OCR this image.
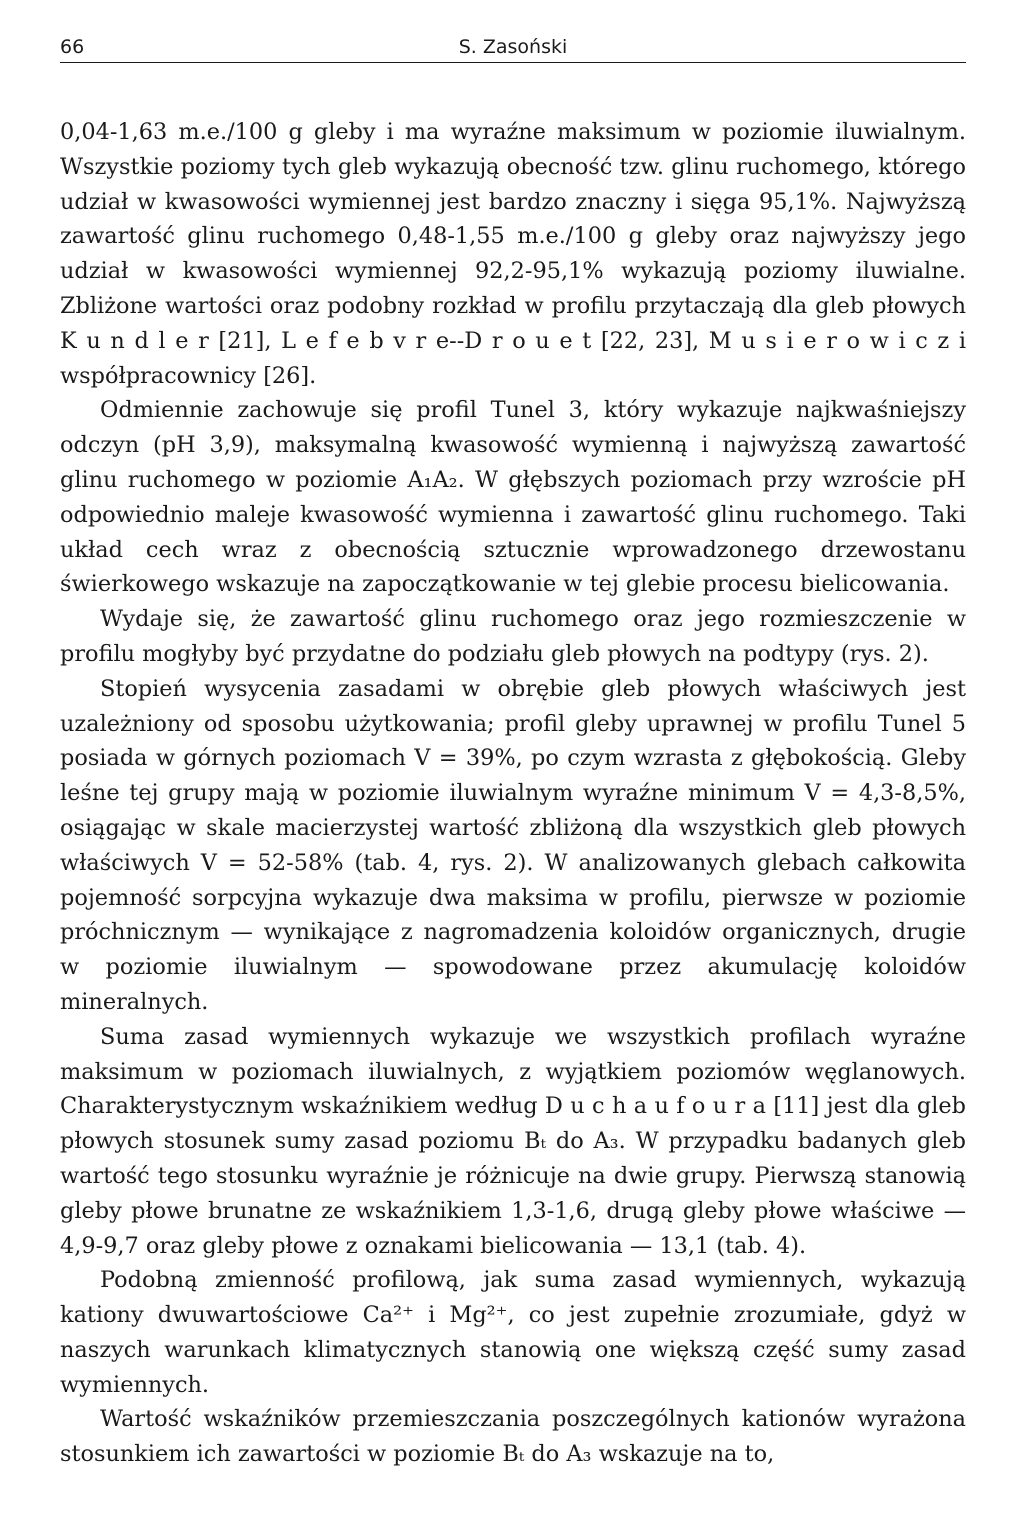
66	S. Zasoński

0,04-1,63 m.e./100 g gleby i ma wyraźne maksimum w poziomie iluwialnym. Wszystkie poziomy tych gleb wykazują obecność tzw. glinu ruchomego, którego udział w kwasowości wymiennej jest bardzo znaczny i sięga 95,1%. Najwyższą zawartość glinu ruchomego 0,48-1,55 m.e./100 g gleby oraz najwyższy jego udział w kwasowości wymiennej 92,2-95,1% wykazują poziomy iluwialne. Zbliżone wartości oraz podobny rozkład w profilu przytaczają dla gleb płowych K u n d l e r [21], L e f e b v r e-‑D r o u e t [22, 23], M u s i e r o w i c z i współpracownicy [26].

Odmiennie zachowuje się profil Tunel 3, który wykazuje najkwaśniejszy odczyn (pH 3,9), maksymalną kwasowość wymienną i najwyższą zawartość glinu ruchomego w poziomie A₁A₂. W głębszych poziomach przy wzroście pH odpowiednio maleje kwasowość wymienna i zawartość glinu ruchomego. Taki układ cech wraz z obecnością sztucznie wprowadzonego drzewostanu świerkowego wskazuje na zapoczątkowanie w tej glebie procesu bielicowania.

Wydaje się, że zawartość glinu ruchomego oraz jego rozmieszczenie w profilu mogłyby być przydatne do podziału gleb płowych na podtypy (rys. 2).

Stopień wysycenia zasadami w obrębie gleb płowych właściwych jest uzależniony od sposobu użytkowania; profil gleby uprawnej w profilu Tunel 5 posiada w górnych poziomach V = 39%, po czym wzrasta z głębokością. Gleby leśne tej grupy mają w poziomie iluwialnym wyraźne minimum V = 4,3-8,5%, osiągając w skale macierzystej wartość zbliżoną dla wszystkich gleb płowych właściwych V = 52-58% (tab. 4, rys. 2). W analizowanych glebach całkowita pojemność sorpcyjna wykazuje dwa maksima w profilu, pierwsze w poziomie próchnicznym — wynikające z nagromadzenia koloidów organicznych, drugie w poziomie iluwialnym — spowodowane przez akumulację koloidów mineralnych.

Suma zasad wymiennych wykazuje we wszystkich profilach wyraźne maksimum w poziomach iluwialnych, z wyjątkiem poziomów węglanowych. Charakterystycznym wskaźnikiem według D u c h a u f o u r a [11] jest dla gleb płowych stosunek sumy zasad poziomu Bₜ do A₃. W przypadku badanych gleb wartość tego stosunku wyraźnie je różnicuje na dwie grupy. Pierwszą stanowią gleby płowe brunatne ze wskaźnikiem 1,3-1,6, drugą gleby płowe właściwe — 4,9-9,7 oraz gleby płowe z oznakami bielicowania — 13,1 (tab. 4).

Podobną zmienność profilową, jak suma zasad wymiennych, wykazują kationy dwuwartościowe Ca²⁺ i Mg²⁺, co jest zupełnie zrozumiałe, gdyż w naszych warunkach klimatycznych stanowią one większą część sumy zasad wymiennych.

Wartość wskaźników przemieszczania poszczególnych kationów wyrażona stosunkiem ich zawartości w poziomie Bₜ do A₃ wskazuje na to,
